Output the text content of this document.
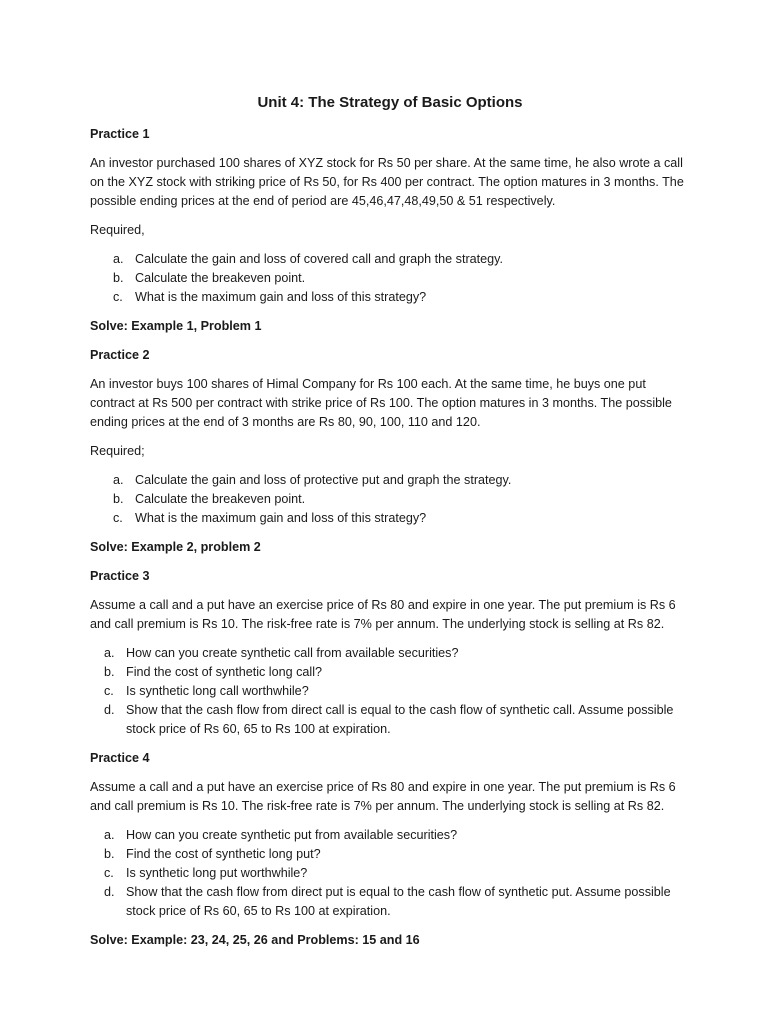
Unit 4: The Strategy of Basic Options
Practice 1
An investor purchased 100 shares of XYZ stock for Rs 50 per share. At the same time, he also wrote a call on the XYZ stock with striking price of Rs 50, for Rs 400 per contract. The option matures in 3 months. The possible ending prices at the end of period are 45,46,47,48,49,50 & 51 respectively.
Required,
a. Calculate the gain and loss of covered call and graph the strategy.
b. Calculate the breakeven point.
c. What is the maximum gain and loss of this strategy?
Solve: Example 1, Problem 1
Practice 2
An investor buys 100 shares of Himal Company for Rs 100 each. At the same time, he buys one put contract at Rs 500 per contract with strike price of Rs 100. The option matures in 3 months. The possible ending prices at the end of 3 months are Rs 80, 90, 100, 110 and 120.
Required;
a. Calculate the gain and loss of protective put and graph the strategy.
b. Calculate the breakeven point.
c. What is the maximum gain and loss of this strategy?
Solve: Example 2, problem 2
Practice 3
Assume a call and a put have an exercise price of Rs 80 and expire in one year. The put premium is Rs 6 and call premium is Rs 10. The risk-free rate is 7% per annum. The underlying stock is selling at Rs 82.
a. How can you create synthetic call from available securities?
b. Find the cost of synthetic long call?
c. Is synthetic long call worthwhile?
d. Show that the cash flow from direct call is equal to the cash flow of synthetic call. Assume possible stock price of Rs 60, 65 to Rs 100 at expiration.
Practice 4
Assume a call and a put have an exercise price of Rs 80 and expire in one year. The put premium is Rs 6 and call premium is Rs 10. The risk-free rate is 7% per annum. The underlying stock is selling at Rs 82.
a. How can you create synthetic put from available securities?
b. Find the cost of synthetic long put?
c. Is synthetic long put worthwhile?
d. Show that the cash flow from direct put is equal to the cash flow of synthetic put. Assume possible stock price of Rs 60, 65 to Rs 100 at expiration.
Solve: Example: 23, 24, 25, 26 and Problems: 15 and 16
